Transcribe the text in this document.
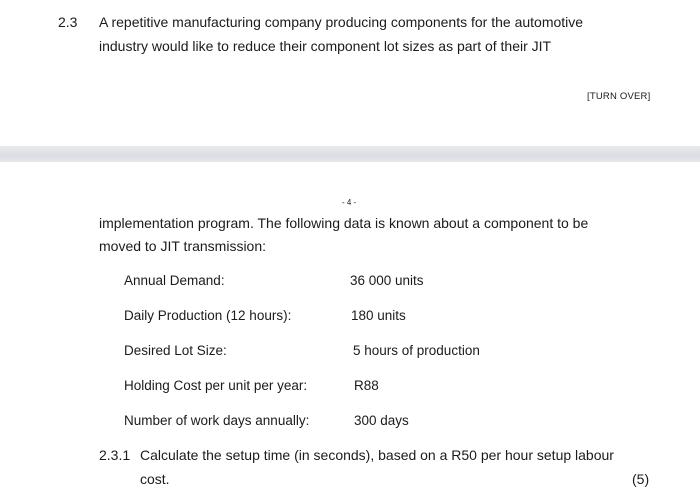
2.3 A repetitive manufacturing company producing components for the automotive
industry would like to reduce their component lot sizes as part of their JIT
[TURN OVER]
- 4 -
implementation program. The following data is known about a component to be
moved to JIT transmission:
Annual Demand:	36 000 units
Daily Production (12 hours):	180 units
Desired Lot Size:	5 hours of production
Holding Cost per unit per year:	R88
Number of work days annually:	300 days
2.3.1 Calculate the setup time (in seconds), based on a R50 per hour setup labour
cost.	(5)
